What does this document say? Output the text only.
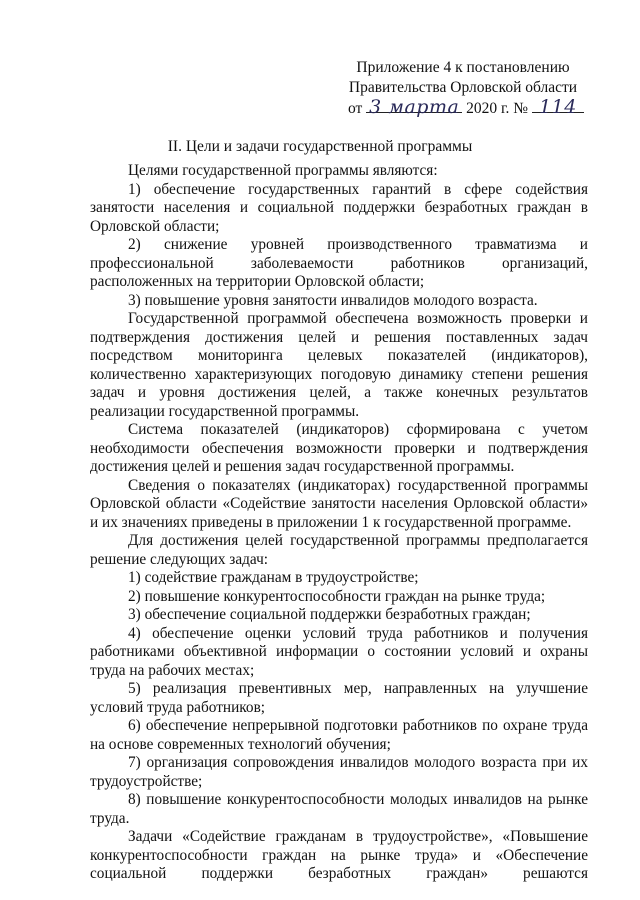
Приложение 4 к постановлению
Правительства Орловской области
от 3 марта 2020 г. № 114
II. Цели и задачи государственной программы

Целями государственной программы являются:

1) обеспечение государственных гарантий в сфере содействия занятости населения и социальной поддержки безработных граждан в Орловской области;

2) снижение уровней производственного травматизма и профессиональной заболеваемости работников организаций, расположенных на территории Орловской области;

3) повышение уровня занятости инвалидов молодого возраста.

Государственной программой обеспечена возможность проверки и подтверждения достижения целей и решения поставленных задач посредством мониторинга целевых показателей (индикаторов), количественно характеризующих погодовую динамику степени решения задач и уровня достижения целей, а также конечных результатов реализации государственной программы.

Система показателей (индикаторов) сформирована с учетом необходимости обеспечения возможности проверки и подтверждения достижения целей и решения задач государственной программы.

Сведения о показателях (индикаторах) государственной программы Орловской области «Содействие занятости населения Орловской области» и их значениях приведены в приложении 1 к государственной программе.

Для достижения целей государственной программы предполагается решение следующих задач:

1) содействие гражданам в трудоустройстве;

2) повышение конкурентоспособности граждан на рынке труда;

3) обеспечение социальной поддержки безработных граждан;

4) обеспечение оценки условий труда работников и получения работниками объективной информации о состоянии условий и охраны труда на рабочих местах;

5) реализация превентивных мер, направленных на улучшение условий труда работников;

6) обеспечение непрерывной подготовки работников по охране труда на основе современных технологий обучения;

7) организация сопровождения инвалидов молодого возраста при их трудоустройстве;

8) повышение конкурентоспособности молодых инвалидов на рынке труда.

Задачи «Содействие гражданам в трудоустройстве», «Повышение конкурентоспособности граждан на рынке труда» и «Обеспечение социальной поддержки безработных граждан» решаются
